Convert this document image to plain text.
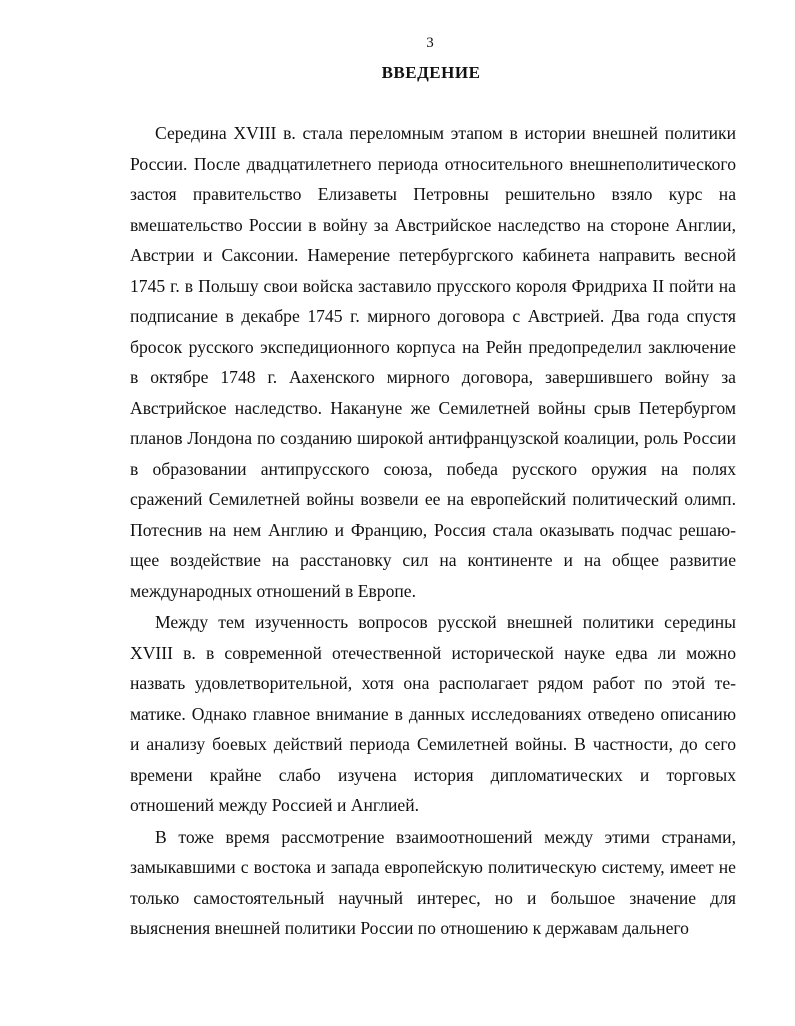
3
ВВЕДЕНИЕ
Середина XVIII в. стала переломным этапом в истории внешней политики
России. После двадцатилетнего периода относительного внешнеполитического
застоя правительство Елизаветы Петровны решительно взяло курс на
вмешательство России в войну за Австрийское наследство на стороне Англии,
Австрии и Саксонии. Намерение петербургского кабинета направить весной
1745 г. в Польшу свои войска заставило прусского короля Фридриха II пойти на
подписание в декабре 1745 г. мирного договора с Австрией. Два года спустя
бросок русского экспедиционного корпуса на Рейн предопределил заключение
в октябре 1748 г. Аахенского мирного договора, завершившего войну за
Австрийское наследство. Накануне же Семилетней войны срыв Петербургом
планов Лондона по созданию широкой антифранцузской коалиции, роль России
в образовании антипрусского союза, победа русского оружия на полях
сражений Семилетней войны возвели ее на европейский политический олимп.
Потеснив на нем Англию и Францию, Россия стала оказывать подчас решаю-
щее воздействие на расстановку сил на континенте и на общее развитие
международных отношений в Европе.
Между тем изученность вопросов русской внешней политики середины
XVIII в. в современной отечественной исторической науке едва ли можно
назвать удовлетворительной, хотя она располагает рядом работ по этой те-
матике. Однако главное внимание в данных исследованиях отведено описанию
и анализу боевых действий периода Семилетней войны. В частности, до сего
времени крайне слабо изучена история дипломатических и торговых
отношений между Россией и Англией.
В тоже время рассмотрение взаимоотношений между этими странами,
замыкавшими с востока и запада европейскую политическую систему, имеет не
только самостоятельный научный интерес, но и большое значение для
выяснения внешней политики России по отношению к державам дальнего
